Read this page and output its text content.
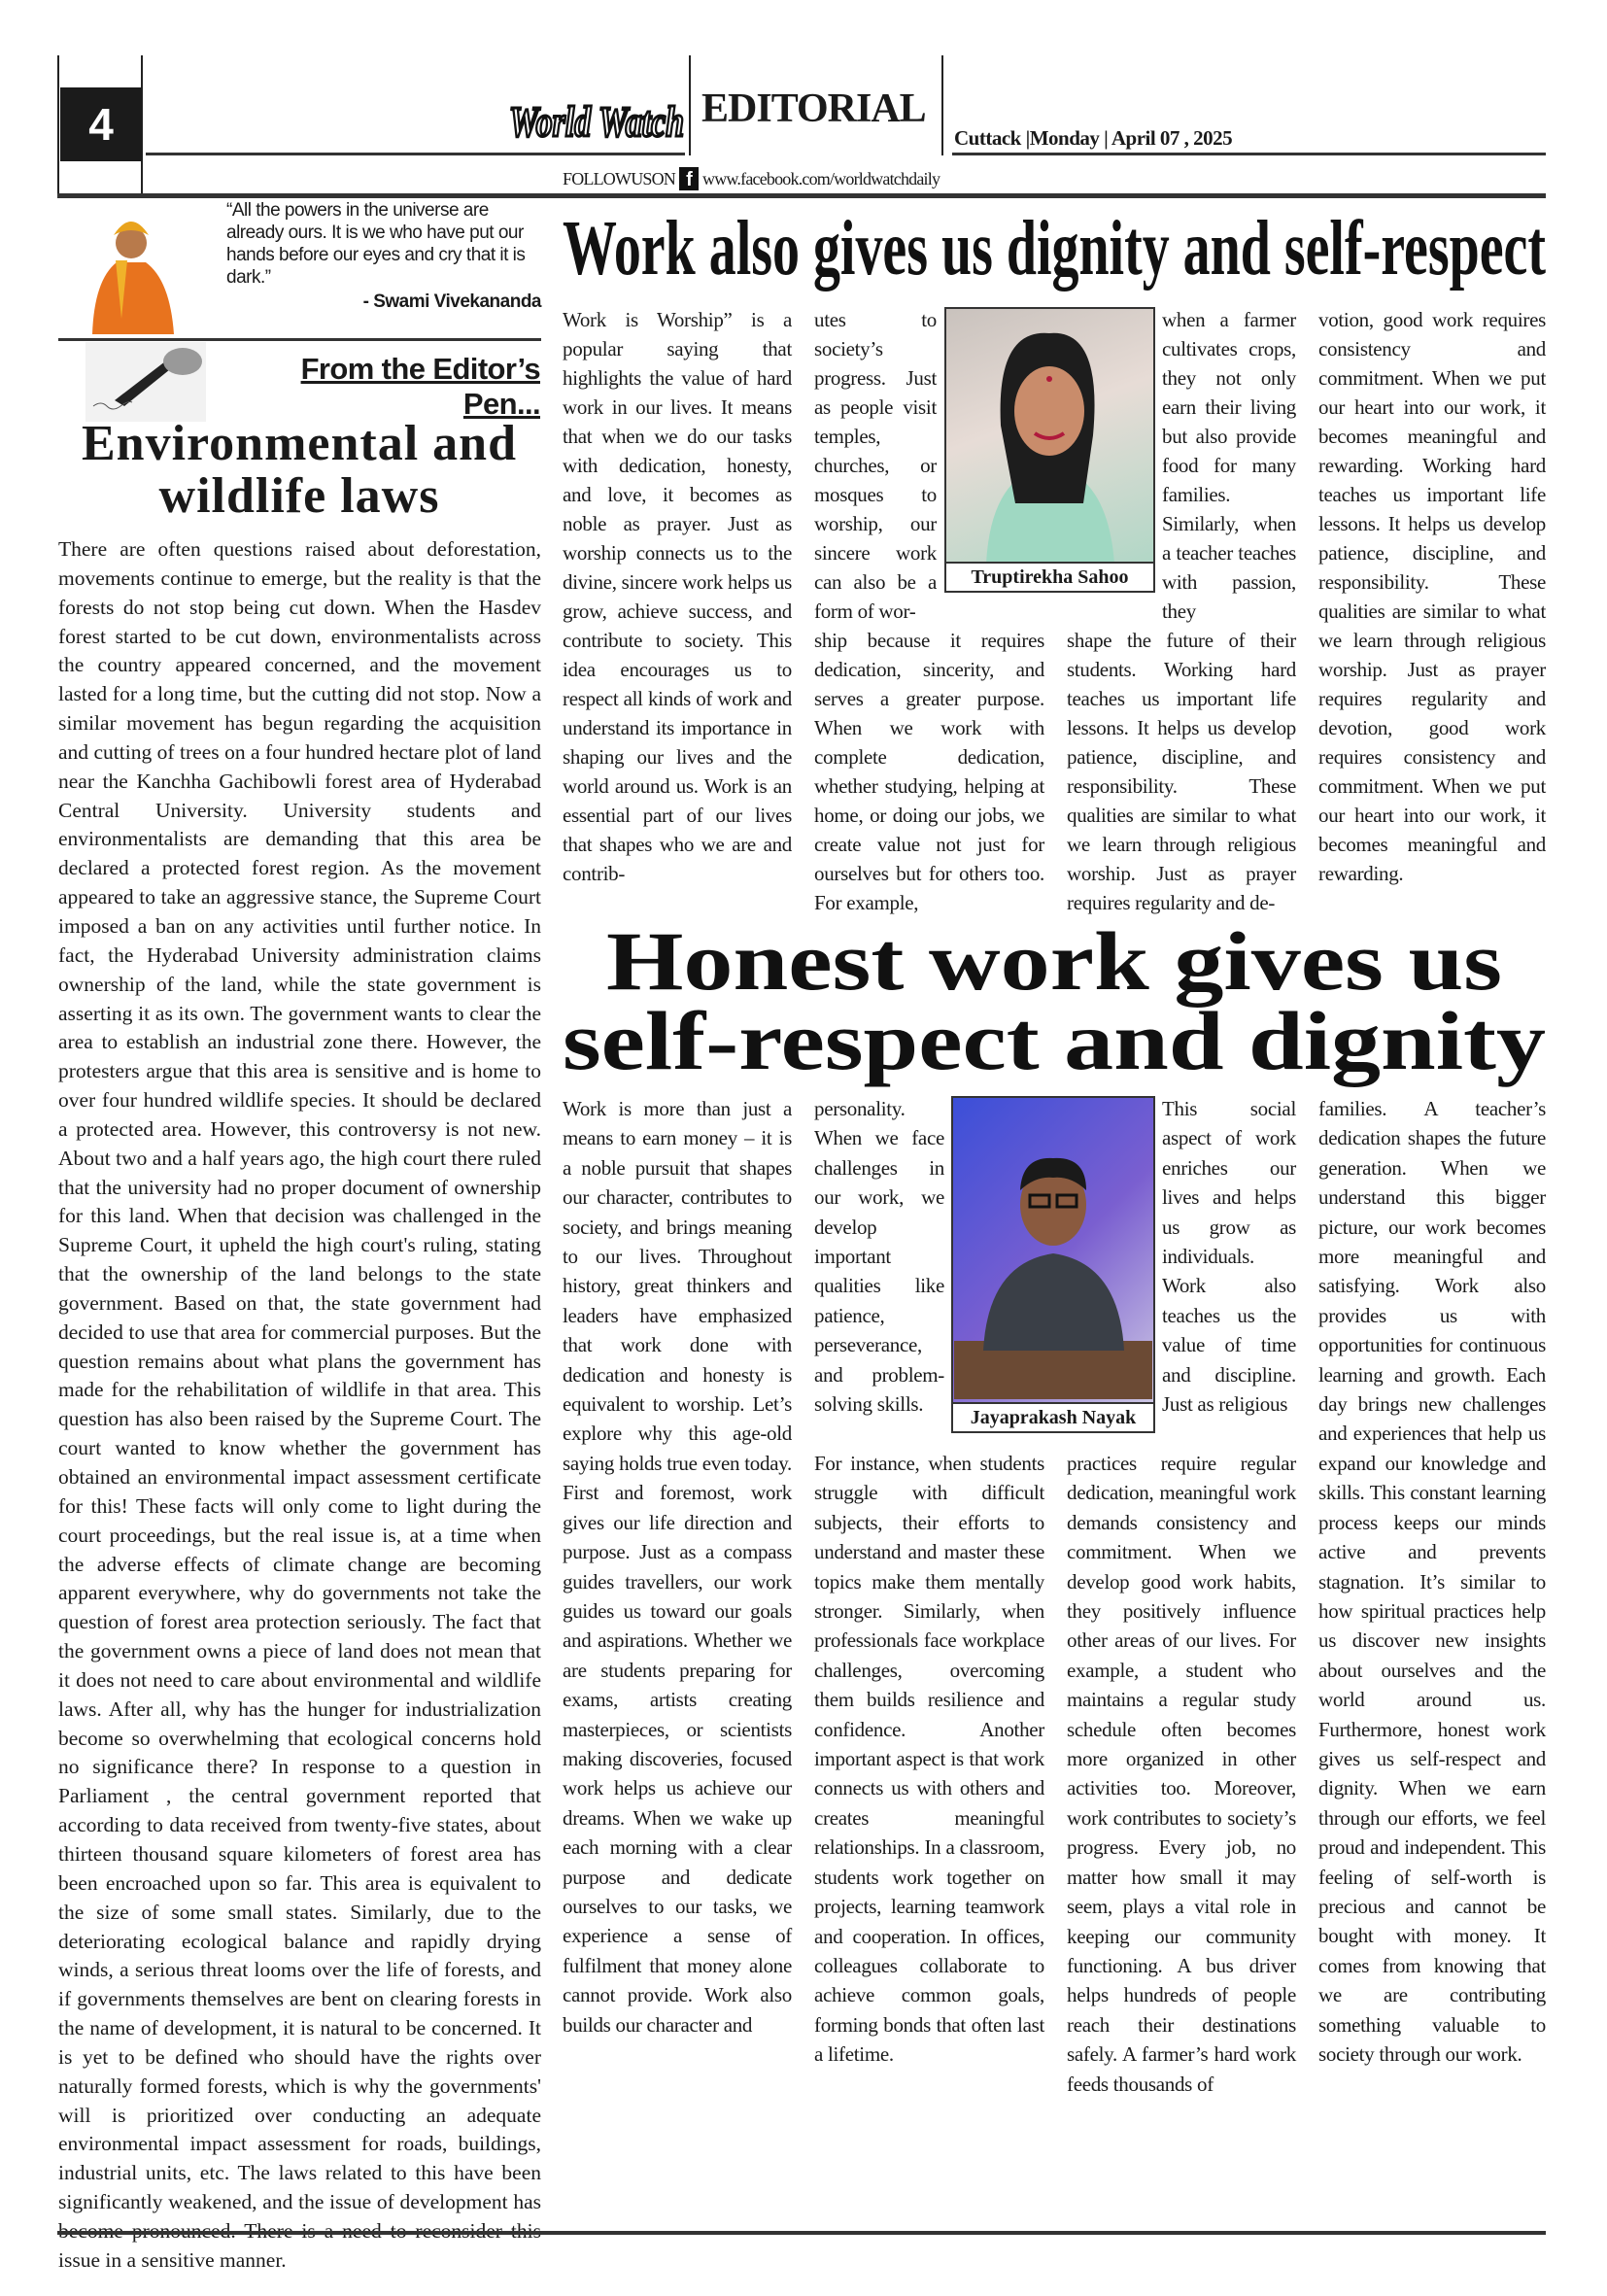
4	World Watch EDITORIAL
Cuttack |Monday | April 07 , 2025
FOLLOWUSON f www.facebook.com/worldwatchdaily
“All the powers in the universe are already ours. It is we who have put our hands before our eyes and cry that it is dark.”
- Swami Vivekananda
From the Editor’s Pen...
Environmental and
wildlife laws
There are often questions raised about deforestation, movements continue to emerge, but the reality is that the forests do not stop being cut down. When the Hasdev forest started to be cut down, environmentalists across the country appeared concerned, and the movement lasted for a long time, but the cutting did not stop. Now a similar movement has begun regarding the acquisition and cutting of trees on a four hundred hectare plot of land near the Kanchha Gachibowli forest area of Hyderabad Central University. University students and environmentalists are demanding that this area be declared a protected forest region. As the movement appeared to take an aggressive stance, the Supreme Court imposed a ban on any activities until further notice. In fact, the Hyderabad University administration claims ownership of the land, while the state government is asserting it as its own. The government wants to clear the area to establish an industrial zone there. However, the protesters argue that this area is sensitive and is home to over four hundred wildlife species. It should be declared a protected area. However, this controversy is not new. About two and a half years ago, the high court there ruled that the university had no proper document of ownership for this land. When that decision was challenged in the Supreme Court, it upheld the high court's ruling, stating that the ownership of the land belongs to the state government. Based on that, the state government had decided to use that area for commercial purposes. But the question remains about what plans the government has made for the rehabilitation of wildlife in that area. This question has also been raised by the Supreme Court. The court wanted to know whether the government has obtained an environmental impact assessment certificate for this! These facts will only come to light during the court proceedings, but the real issue is, at a time when the adverse effects of climate change are becoming apparent everywhere, why do governments not take the question of forest area protection seriously. The fact that the government owns a piece of land does not mean that it does not need to care about environmental and wildlife laws. After all, why has the hunger for industrialization become so overwhelming that ecological concerns hold no significance there? In response to a question in Parliament , the central government reported that according to data received from twenty-five states, about thirteen thousand square kilometers of forest area has been encroached upon so far. This area is equivalent to the size of some small states. Similarly, due to the deteriorating ecological balance and rapidly drying winds, a serious threat looms over the life of forests, and if governments themselves are bent on clearing forests in the name of development, it is natural to be concerned. It is yet to be defined who should have the rights over naturally formed forests, which is why the governments' will is prioritized over conducting an adequate environmental impact assessment for roads, buildings, industrial units, etc. The laws related to this have been significantly weakened, and the issue of development has issue in a sensitive manner.
Work also gives us dignity and self-respect
Work is Worship” is a popular saying that highlights the value of hard work in our lives. It means that when we do our tasks with dedication, honesty, and love, it becomes as noble as prayer. Just as worship connects us to the divine, sincere work helps us grow, achieve success, and contribute to society. This idea encourages us to respect all kinds of work and understand its importance in shaping our lives and the world around us. Work is an essential part of our lives that shapes who we are and contrib-
utes to society’s progress. Just as people visit temples, churches, or mosques to worship, our sincere work can also be a form of wor-
ship because it requires dedication, sincerity, and serves a greater purpose. When we work with complete dedication, whether studying, helping at home, or doing our jobs, we create value not just for ourselves but for others too. For example,
when a farmer cultivates crops, they not only earn their living but also provide food for many families. Similarly, when a teacher teaches with passion, they
shape the future of their students. Working hard teaches us important life lessons. It helps us develop patience, discipline, and responsibility. These qualities are similar to what we learn through religious worship. Just as prayer requires regularity and de-
votion, good work requires consistency and commitment. When we put our heart into our work, it becomes meaningful and rewarding. Working hard teaches us important life lessons. It helps us develop patience, discipline, and responsibility. These qualities are similar to what we learn through religious worship. Just as prayer requires regularity and devotion, good work requires consistency and commitment. When we put our heart into our work, it becomes meaningful and rewarding.
Truptirekha Sahoo
Honest work gives us
self-respect and dignity
Work is more than just a means to earn money – it is a noble pursuit that shapes our character, contributes to society, and brings meaning to our lives. Throughout history, great thinkers and leaders have emphasized that work done with dedication and honesty is equivalent to worship. Let’s explore why this age-old saying holds true even today. First and foremost, work gives our life direction and purpose. Just as a compass guides travellers, our work guides us toward our goals and aspirations. Whether we are students preparing for exams, artists creating masterpieces, or scientists making discoveries, focused work helps us achieve our dreams. When we wake up each morning with a clear purpose and dedicate ourselves to our tasks, we experience a sense of fulfilment that money alone cannot provide. Work also builds our character and
personality. When we face challenges in our work, we develop important qualities like patience, perseverance, and problem-solving skills.
For instance, when students struggle with difficult subjects, their efforts to understand and master these topics make them mentally stronger. Similarly, when professionals face workplace challenges, overcoming them builds resilience and confidence. Another important aspect is that work connects us with others and creates meaningful relationships. In a classroom, students work together on projects, learning teamwork and cooperation. In offices, colleagues collaborate to achieve common goals, forming bonds that often last a lifetime.
This social aspect of work enriches our lives and helps us grow as individuals. Work also teaches us the value of time and discipline. Just as religious
practices require regular dedication, meaningful work demands consistency and commitment. When we develop good work habits, they positively influence other areas of our lives. For example, a student who maintains a regular study schedule often becomes more organized in other activities too. Moreover, work contributes to society’s progress. Every job, no matter how small it may seem, plays a vital role in keeping our community functioning. A bus driver helps hundreds of people reach their destinations safely. A farmer’s hard work feeds thousands of
families. A teacher’s dedication shapes the future generation. When we understand this bigger picture, our work becomes more meaningful and satisfying. Work also provides us with opportunities for continuous learning and growth. Each day brings new challenges and experiences that help us expand our knowledge and skills. This constant learning process keeps our minds active and prevents stagnation. It’s similar to how spiritual practices help us discover new insights about ourselves and the world around us. Furthermore, honest work gives us self-respect and dignity. When we earn through our efforts, we feel proud and independent. This feeling of self-worth is precious and cannot be bought with money. It comes from knowing that we are contributing something valuable to society through our work.
Jayaprakash Nayak
